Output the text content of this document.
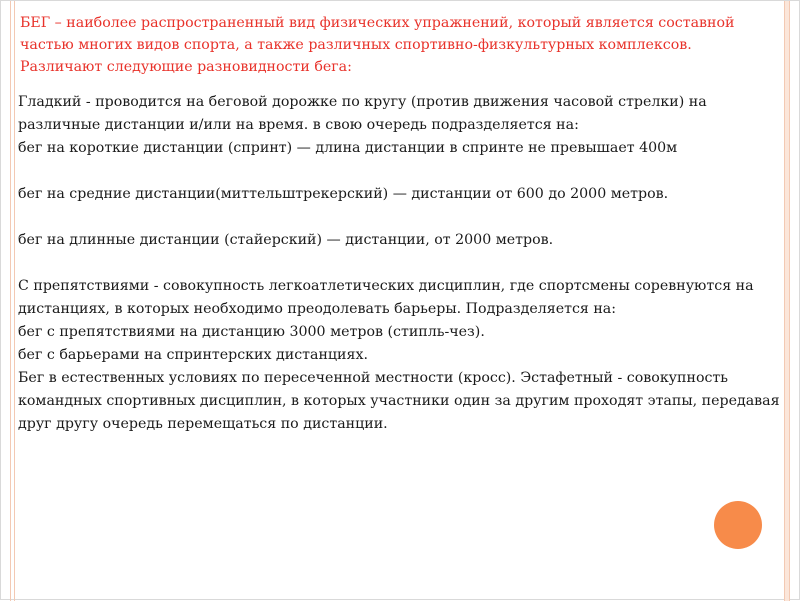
БЕГ – наиболее распространенный вид физических упражнений, который является составной частью многих видов спорта, а также различных спортивно-физкультурных комплексов. Различают следующие разновидности бега:

Гладкий - проводится на беговой дорожке по кругу (против движения часовой стрелки) на различные дистанции и/или на время. в свою очередь подразделяется на:

бег на короткие дистанции (спринт) — длина дистанции в спринте не превышает 400м

бег на средние дистанции(миттельштрекерский) — дистанции от 600 до 2000 метров.

бег на длинные дистанции (стайерский) — дистанции, от 2000 метров.

С препятствиями - совокупность легкоатлетических дисциплин, где спортсмены соревнуются на дистанциях, в которых необходимо преодолевать барьеры. Подразделяется на:

бег с препятствиями на дистанцию 3000 метров (стипль-чез).

бег с барьерами на спринтерских дистанциях.

Бег в естественных условиях по пересеченной местности (кросс). Эстафетный - совокупность командных спортивных дисциплин, в которых участники один за другим проходят этапы, передавая друг другу очередь перемещаться по дистанции.
